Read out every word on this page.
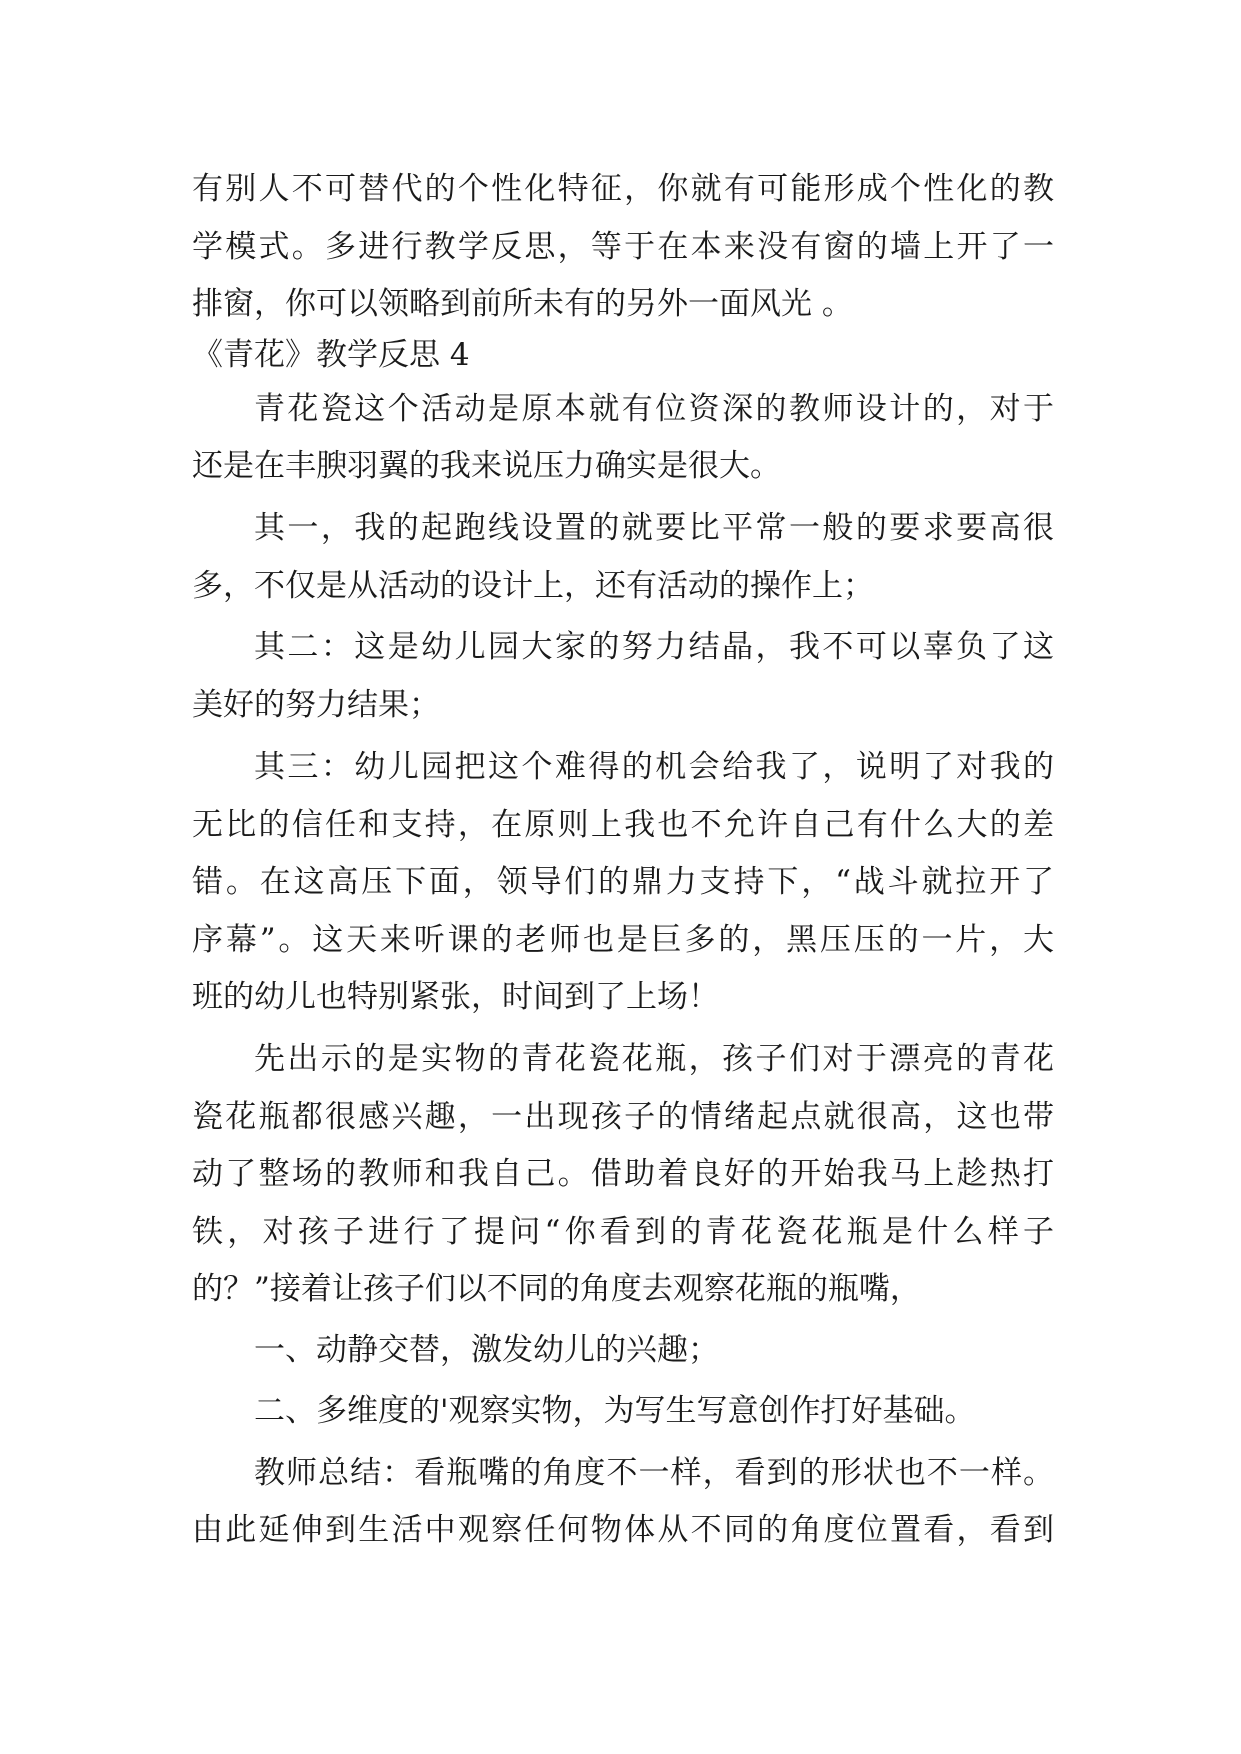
有别人不可替代的个性化特征，你就有可能形成个性化的教
学模式。多进行教学反思，等于在本来没有窗的墙上开了一
排窗，你可以领略到前所未有的另外一面风光 。
《青花》教学反思 4
青花瓷这个活动是原本就有位资深的教师设计的，对于
还是在丰腴羽翼的我来说压力确实是很大。
其一，我的起跑线设置的就要比平常一般的要求要高很
多，不仅是从活动的设计上，还有活动的操作上；
其二：这是幼儿园大家的努力结晶，我不可以辜负了这
美好的努力结果；
其三：幼儿园把这个难得的机会给我了，说明了对我的
无比的信任和支持，在原则上我也不允许自己有什么大的差
错。在这高压下面，领导们的鼎力支持下，“战斗就拉开了
序幕”。这天来听课的老师也是巨多的，黑压压的一片，大
班的幼儿也特别紧张，时间到了上场！
先出示的是实物的青花瓷花瓶，孩子们对于漂亮的青花
瓷花瓶都很感兴趣，一出现孩子的情绪起点就很高，这也带
动了整场的教师和我自己。借助着良好的开始我马上趁热打
铁，对孩子进行了提问“你看到的青花瓷花瓶是什么样子
的？”接着让孩子们以不同的角度去观察花瓶的瓶嘴，
一、动静交替，激发幼儿的兴趣；
二、多维度的'观察实物，为写生写意创作打好基础。
教师总结：看瓶嘴的角度不一样，看到的形状也不一样。
由此延伸到生活中观察任何物体从不同的角度位置看，看到
